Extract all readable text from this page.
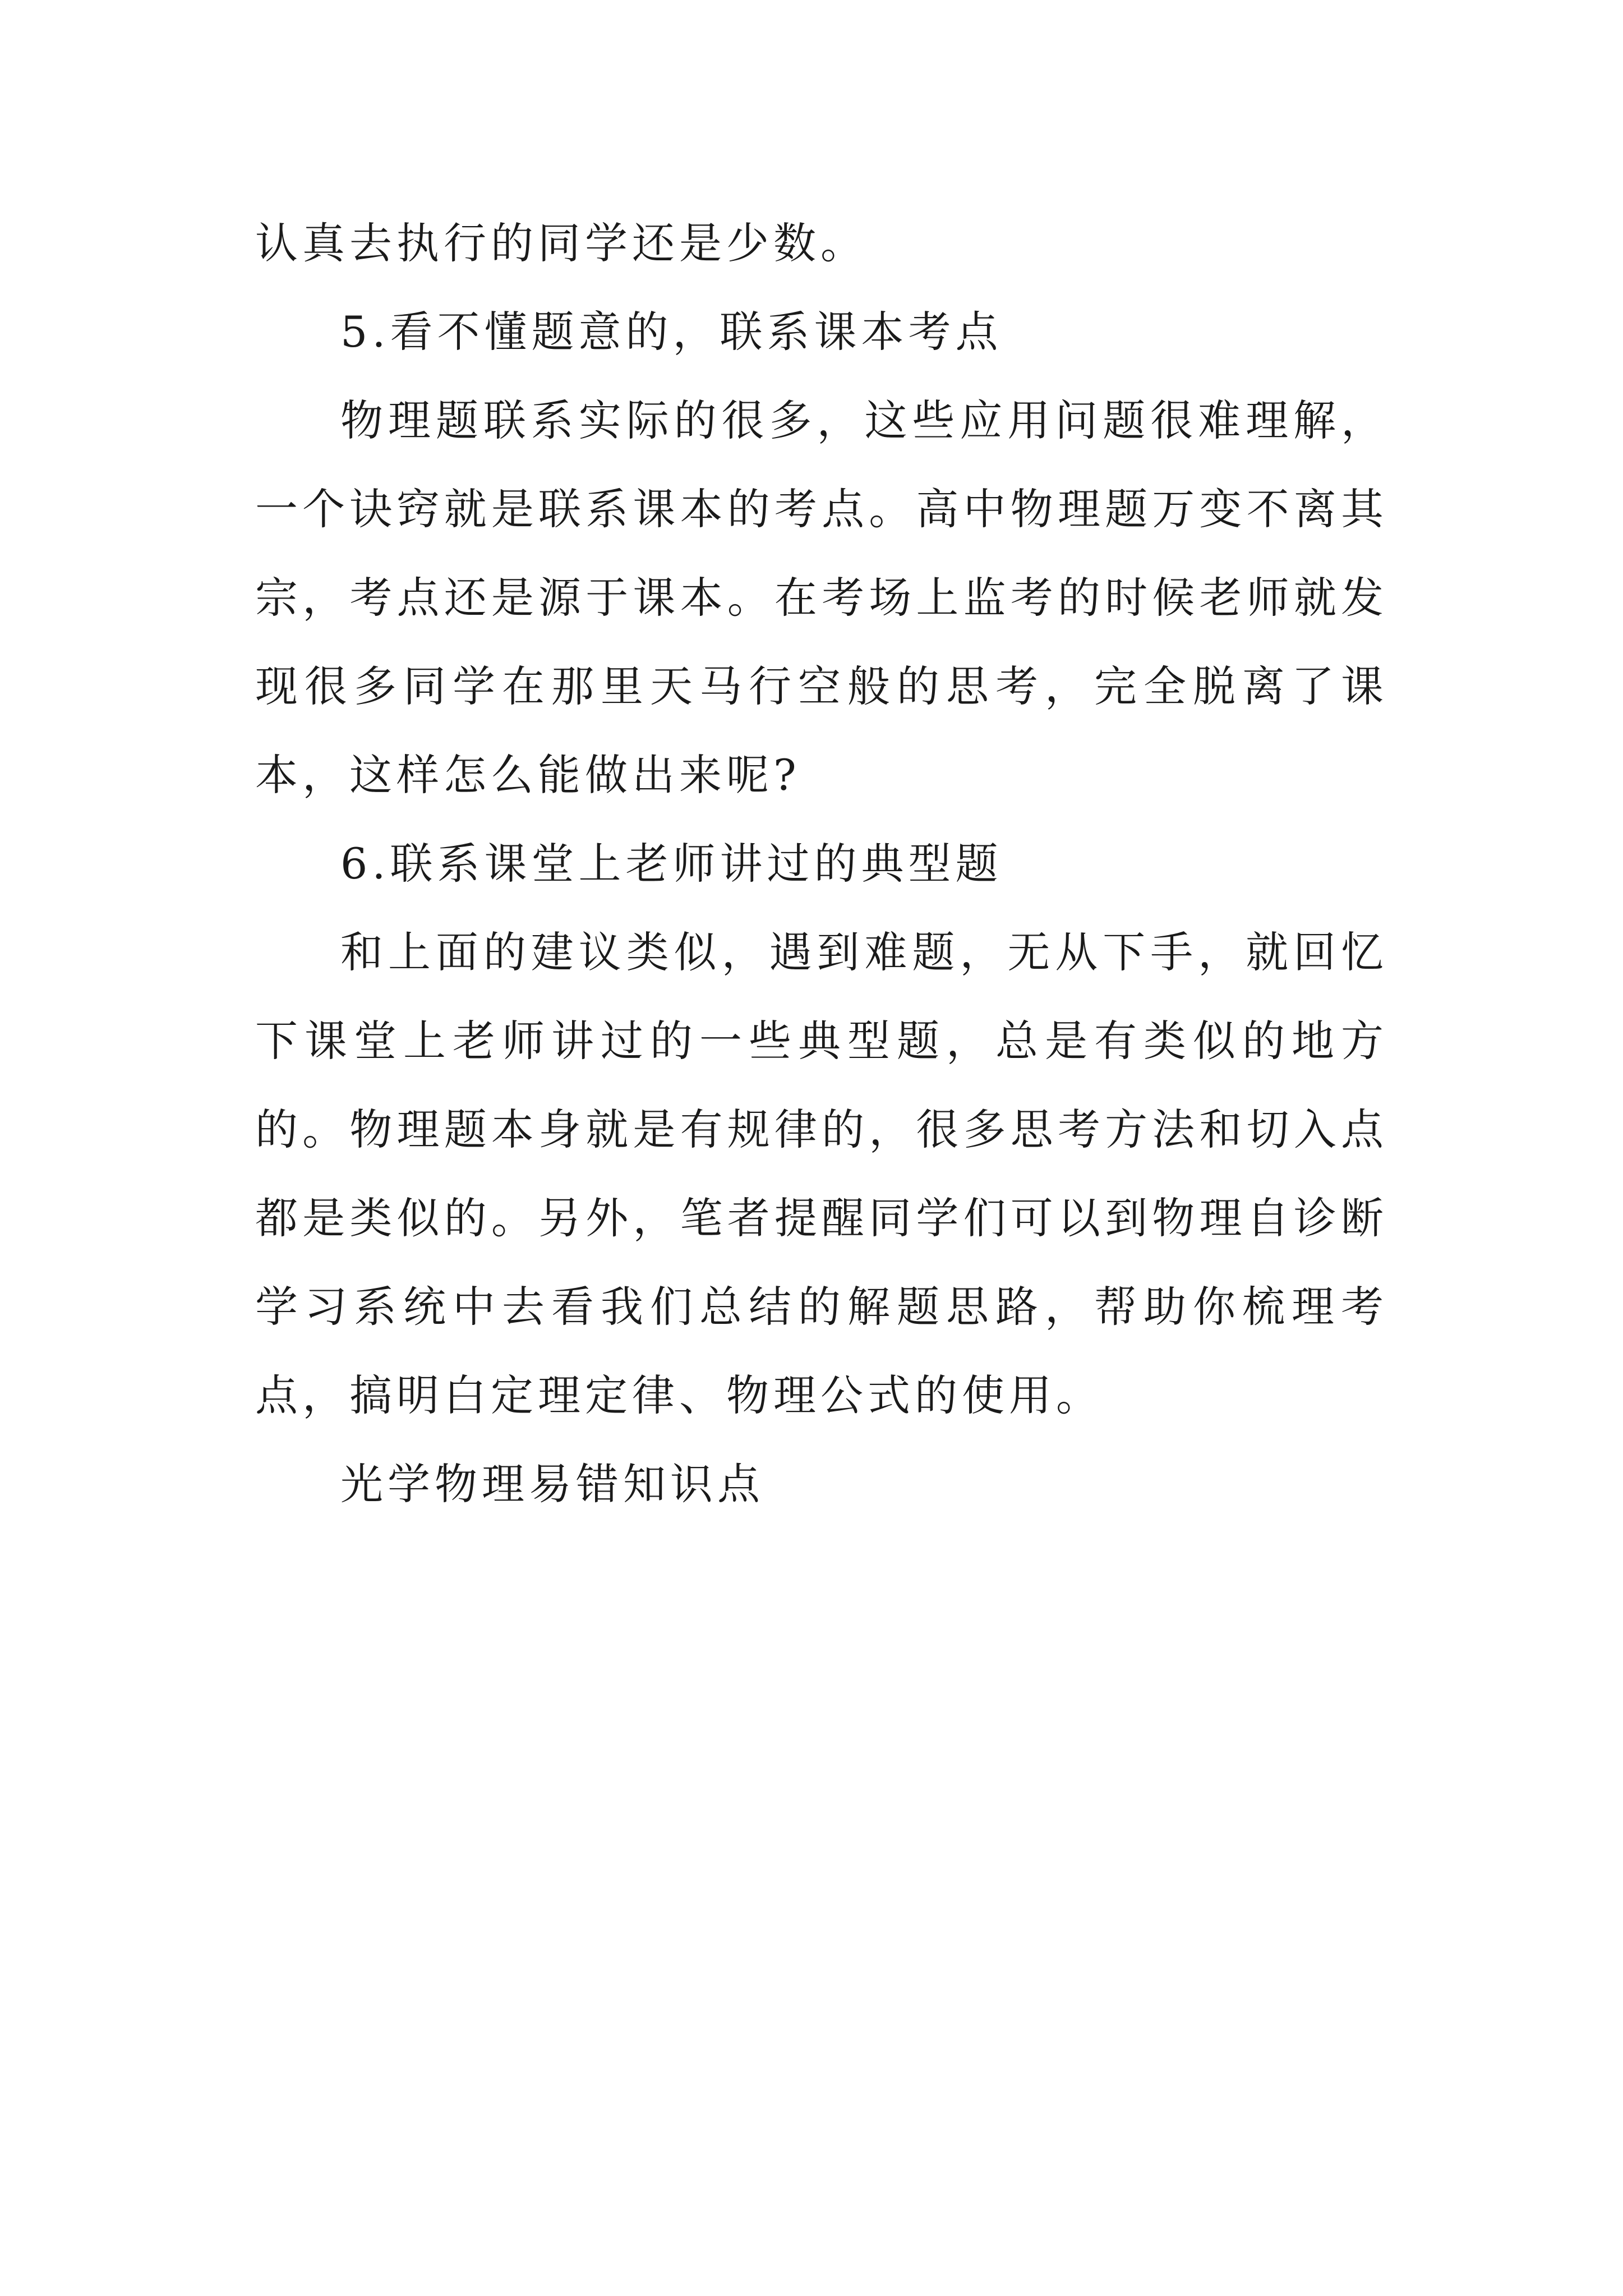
认真去执行的同学还是少数。

5.看不懂题意的，联系课本考点

物理题联系实际的很多，这些应用问题很难理解，一个诀窍就是联系课本的考点。高中物理题万变不离其宗，考点还是源于课本。在考场上监考的时候老师就发现很多同学在那里天马行空般的思考，完全脱离了课本，这样怎么能做出来呢?

6.联系课堂上老师讲过的典型题

和上面的建议类似，遇到难题，无从下手，就回忆下课堂上老师讲过的一些典型题，总是有类似的地方的。物理题本身就是有规律的，很多思考方法和切入点都是类似的。另外，笔者提醒同学们可以到物理自诊断学习系统中去看我们总结的解题思路，帮助你梳理考点，搞明白定理定律、物理公式的使用。

光学物理易错知识点
